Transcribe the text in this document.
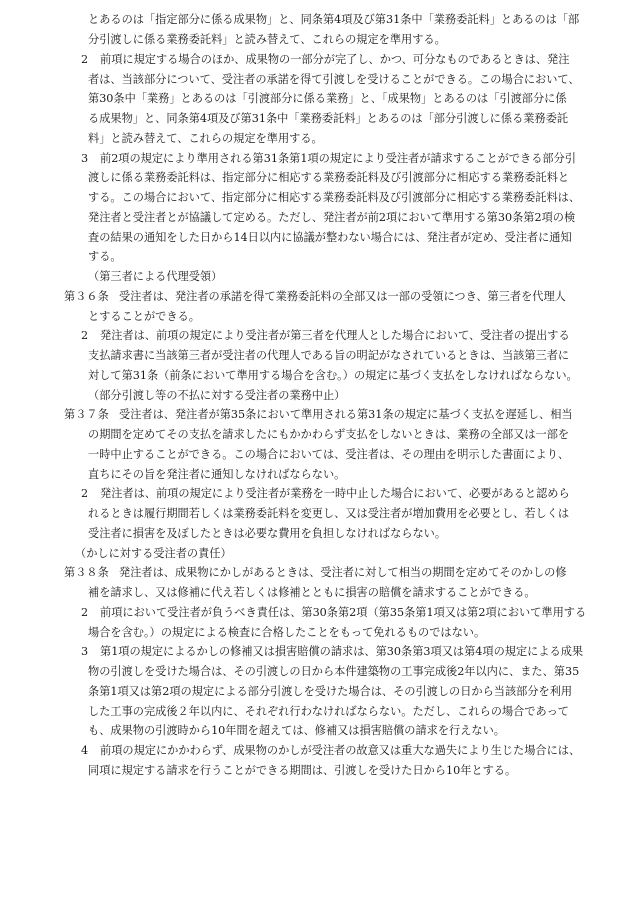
とあるのは「指定部分に係る成果物」と、同条第4項及び第31条中「業務委託料」とあるのは「部
分引渡しに係る業務委託料」と読み替えて、これらの規定を準用する。
2 前項に規定する場合のほか、成果物の一部分が完了し、かつ、可分なものであるときは、発注
者は、当該部分について、受注者の承諾を得て引渡しを受けることができる。この場合において、
第30条中「業務」とあるのは「引渡部分に係る業務」と、「成果物」とあるのは「引渡部分に係
る成果物」と、同条第4項及び第31条中「業務委託料」とあるのは「部分引渡しに係る業務委託
料」と読み替えて、これらの規定を準用する。
3 前2項の規定により準用される第31条第1項の規定により受注者が請求することができる部分引
渡しに係る業務委託料は、指定部分に相応する業務委託料及び引渡部分に相応する業務委託料と
する。この場合において、指定部分に相応する業務委託料及び引渡部分に相応する業務委託料は、
発注者と受注者とが協議して定める。ただし、発注者が前2項において準用する第30条第2項の検
査の結果の通知をした日から14日以内に協議が整わない場合には、発注者が定め、受注者に通知
する。
（第三者による代理受領）
第３６条 受注者は、発注者の承諾を得て業務委託料の全部又は一部の受領につき、第三者を代理人
とすることができる。
2 発注者は、前項の規定により受注者が第三者を代理人とした場合において、受注者の提出する
支払請求書に当該第三者が受注者の代理人である旨の明記がなされているときは、当該第三者に
対して第31条（前条において準用する場合を含む。）の規定に基づく支払をしなければならない。
（部分引渡し等の不払に対する受注者の業務中止）
第３７条 受注者は、発注者が第35条において準用される第31条の規定に基づく支払を遅延し、相当
の期間を定めてその支払を請求したにもかかわらず支払をしないときは、業務の全部又は一部を
一時中止することができる。この場合においては、受注者は、その理由を明示した書面により、
直ちにその旨を発注者に通知しなければならない。
2 発注者は、前項の規定により受注者が業務を一時中止した場合において、必要があると認めら
れるときは履行期間若しくは業務委託料を変更し、又は受注者が増加費用を必要とし、若しくは
受注者に損害を及ぼしたときは必要な費用を負担しなければならない。
（かしに対する受注者の責任）
第３８条 発注者は、成果物にかしがあるときは、受注者に対して相当の期間を定めてそのかしの修
補を請求し、又は修補に代え若しくは修補とともに損害の賠償を請求することができる。
2 前項において受注者が負うべき責任は、第30条第2項（第35条第1項又は第2項において準用する
場合を含む。）の規定による検査に合格したことをもって免れるものではない。
3 第1項の規定によるかしの修補又は損害賠償の請求は、第30条第3項又は第4項の規定による成果
物の引渡しを受けた場合は、その引渡しの日から本件建築物の工事完成後2年以内に、また、第35
条第1項又は第2項の規定による部分引渡しを受けた場合は、その引渡しの日から当該部分を利用
した工事の完成後２年以内に、それぞれ行わなければならない。ただし、これらの場合であって
も、成果物の引渡時から10年間を超えては、修補又は損害賠償の請求を行えない。
4 前項の規定にかかわらず、成果物のかしが受注者の故意又は重大な過失により生じた場合には、
同項に規定する請求を行うことができる期間は、引渡しを受けた日から10年とする。
